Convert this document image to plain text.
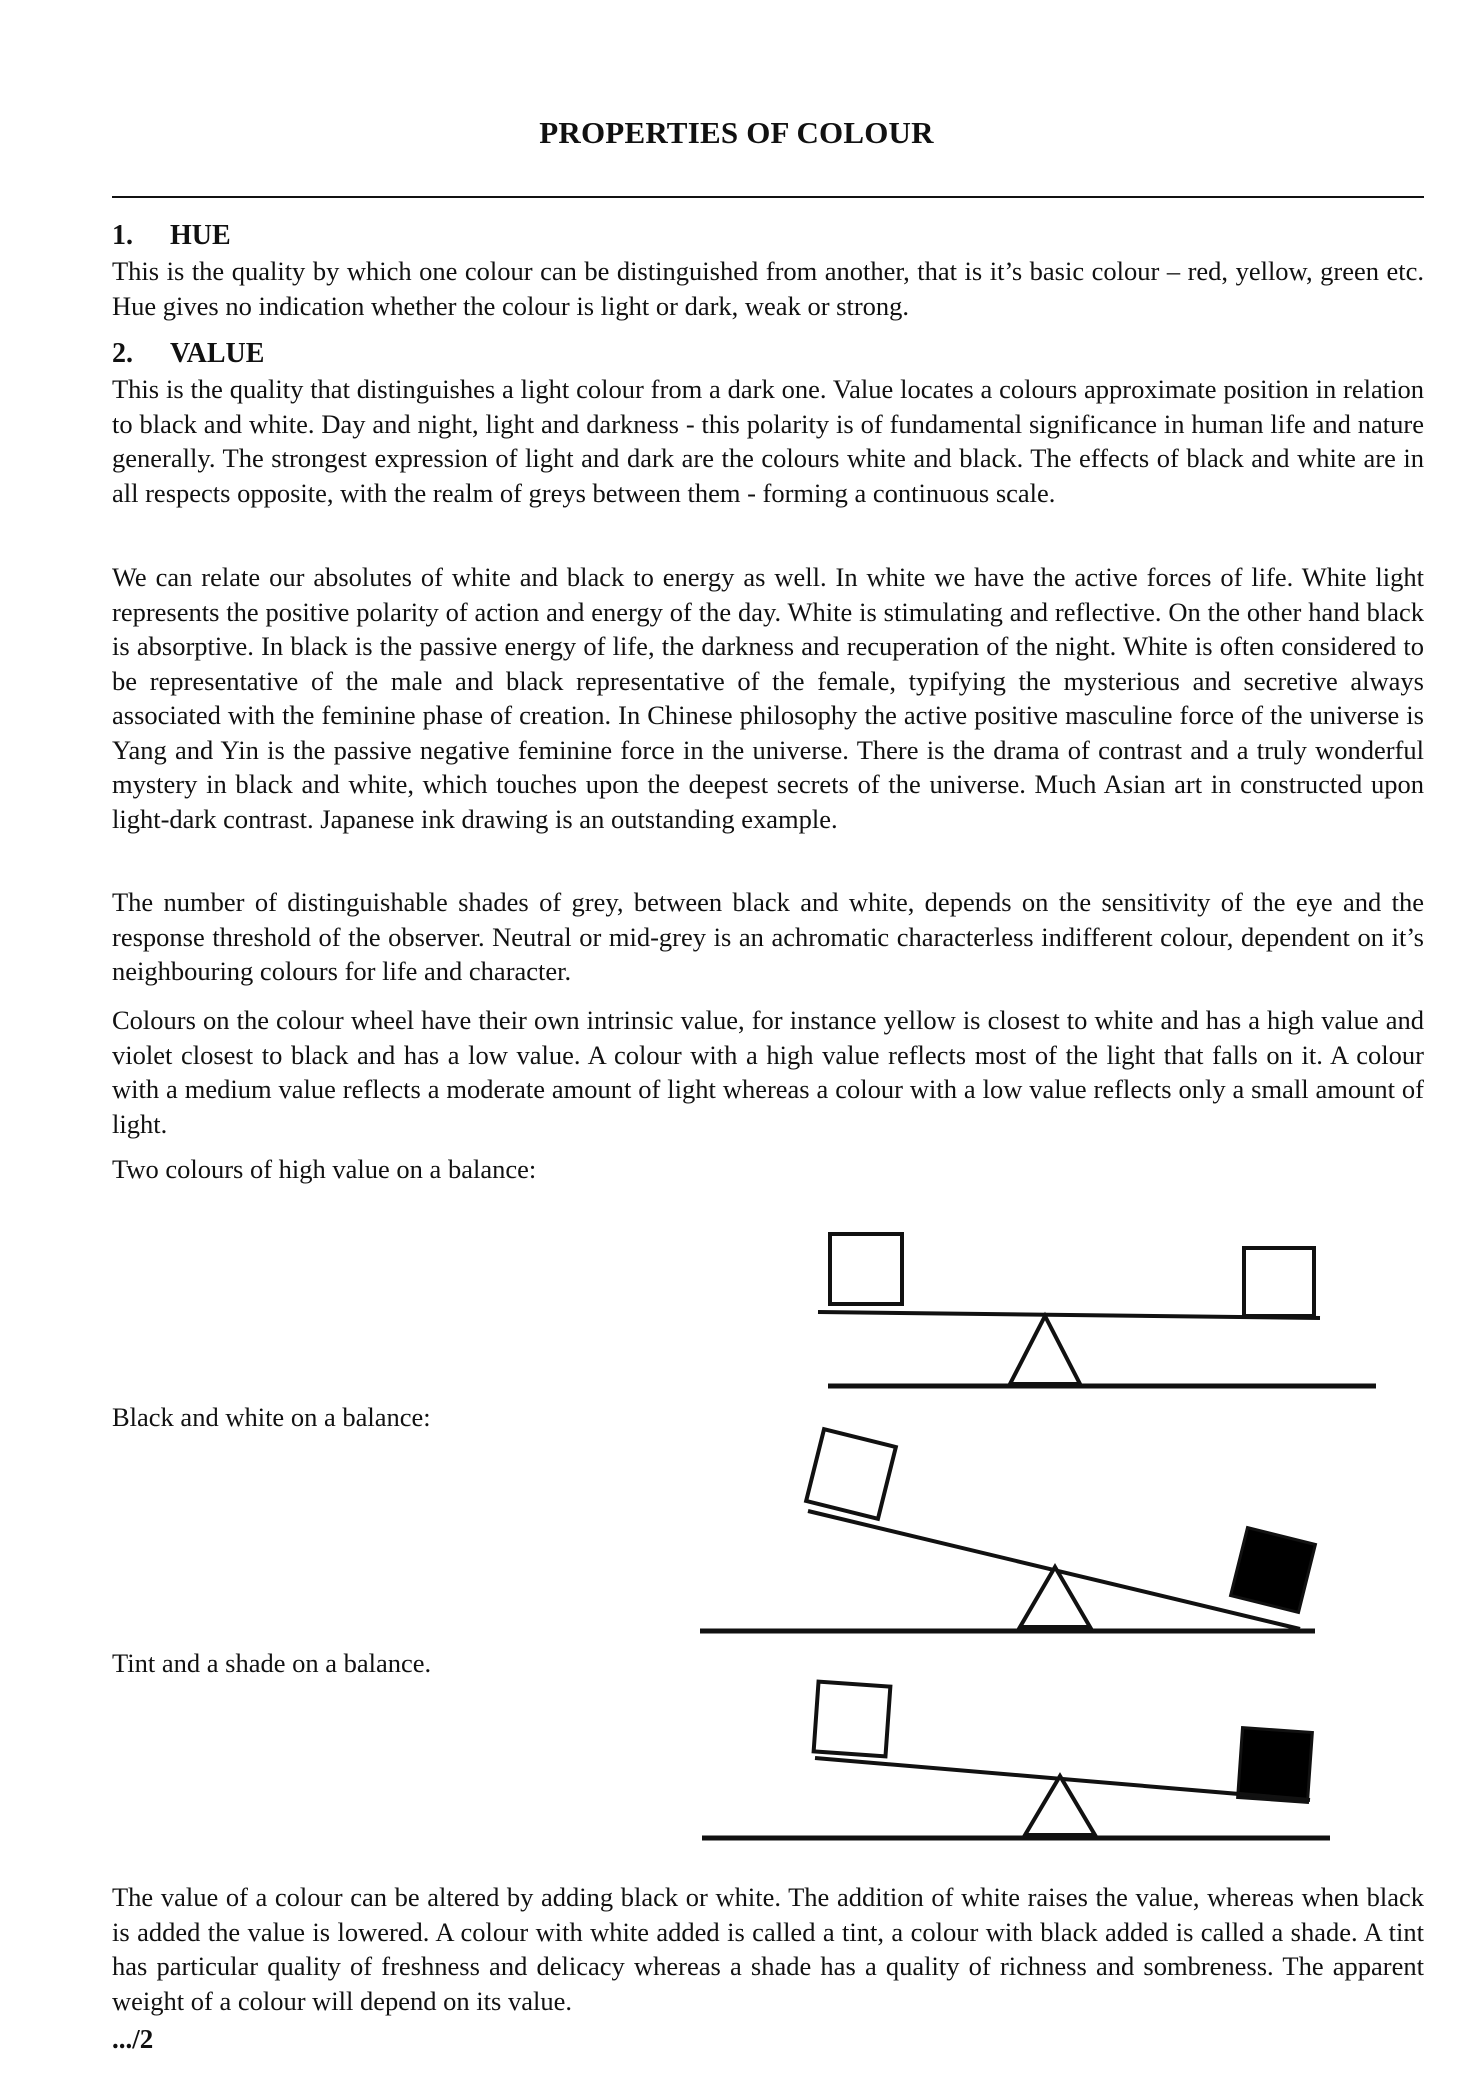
PROPERTIES OF COLOUR
1. HUE

This is the quality by which one colour can be distinguished from another, that is it’s basic colour – red, yellow, green etc. Hue gives no indication whether the colour is light or dark, weak or strong.

2. VALUE

This is the quality that distinguishes a light colour from a dark one. Value locates a colours approximate position in relation to black and white. Day and night, light and darkness - this polarity is of fundamental significance in human life and nature generally. The strongest expression of light and dark are the colours white and black. The effects of black and white are in all respects opposite, with the realm of greys between them - forming a continuous scale.

We can relate our absolutes of white and black to energy as well. In white we have the active forces of life. White light represents the positive polarity of action and energy of the day. White is stimulating and reflective. On the other hand black is absorptive. In black is the passive energy of life, the darkness and recuperation of the night. White is often considered to be representative of the male and black representative of the female, typifying the mysterious and secretive always associated with the feminine phase of creation. In Chinese philosophy the active positive masculine force of the universe is Yang and Yin is the passive negative feminine force in the universe. There is the drama of contrast and a truly wonderful mystery in black and white, which touches upon the deepest secrets of the universe. Much Asian art in constructed upon light-dark contrast. Japanese ink drawing is an outstanding example.

The number of distinguishable shades of grey, between black and white, depends on the sensitivity of the eye and the response threshold of the observer. Neutral or mid-grey is an achromatic characterless indifferent colour, dependent on it’s neighbouring colours for life and character.

Colours on the colour wheel have their own intrinsic value, for instance yellow is closest to white and has a high value and violet closest to black and has a low value. A colour with a high value reflects most of the light that falls on it. A colour with a medium value reflects a moderate amount of light whereas a colour with a low value reflects only a small amount of light.

Two colours of high value on a balance:
Black and white on a balance:
Tint and a shade on a balance.

The value of a colour can be altered by adding black or white. The addition of white raises the value, whereas when black is added the value is lowered. A colour with white added is called a tint, a colour with black added is called a shade. A tint has particular quality of freshness and delicacy whereas a shade has a quality of richness and sombreness. The apparent weight of a colour will depend on its value.

.../2
